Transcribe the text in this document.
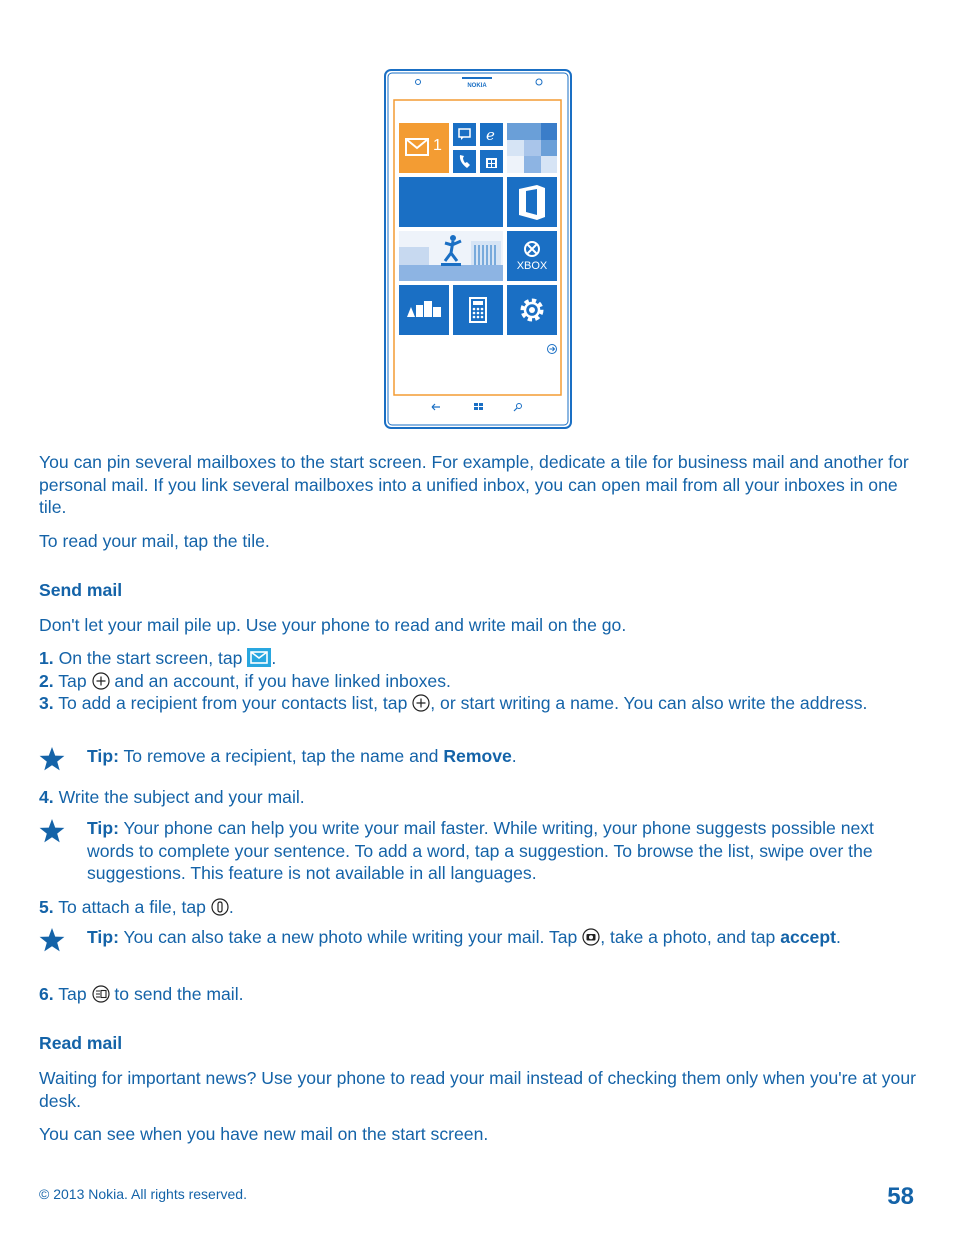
NOKIA
1
e
XBOX
You can pin several mailboxes to the start screen. For example, dedicate a tile for business mail and another for personal mail. If you link several mailboxes into a unified inbox, you can open mail from all your inboxes in one tile.
To read your mail, tap the tile.
Send mail
Don't let your mail pile up. Use your phone to read and write mail on the go.
1. On the start screen, tap .
2. Tap and an account, if you have linked inboxes.
3. To add a recipient from your contacts list, tap , or start writing a name. You can also write the address.
Tip: To remove a recipient, tap the name and Remove.
4. Write the subject and your mail.
Tip: Your phone can help you write your mail faster. While writing, your phone suggests possible next words to complete your sentence. To add a word, tap a suggestion. To browse the list, swipe over the suggestions. This feature is not available in all languages.
5. To attach a file, tap .
Tip: You can also take a new photo while writing your mail. Tap , take a photo, and tap accept.
6. Tap to send the mail.
Read mail
Waiting for important news? Use your phone to read your mail instead of checking them only when you're at your desk.
You can see when you have new mail on the start screen.
© 2013 Nokia. All rights reserved.	58
